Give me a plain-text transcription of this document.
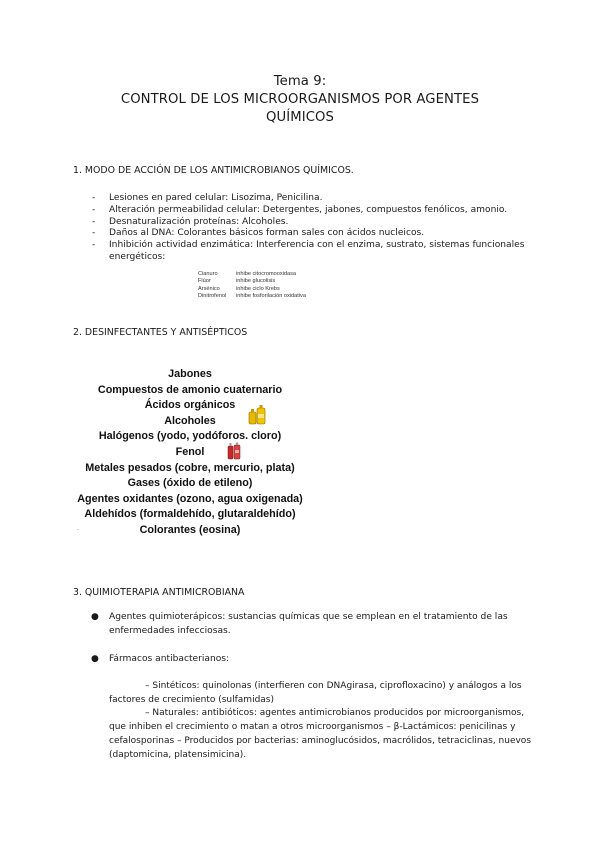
Tema 9:
CONTROL DE LOS MICROORGANISMOS POR AGENTES
QUÍMICOS
1. MODO DE ACCIÓN DE LOS ANTIMICROBIANOS QUÍMICOS.
- Lesiones en pared celular: Lisozima, Penicilina.
- Alteración permeabilidad celular: Detergentes, jabones, compuestos fenólicos, amonio.
- Desnaturalización proteínas: Alcoholes.
- Daños al DNA: Colorantes básicos forman sales con ácidos nucleicos.
- Inhibición actividad enzimática: Interferencia con el enzima, sustrato, sistemas funcionales energéticos:
Cianuro	inhibe citocromooxidasa
Flúor	inhibe glucolisis
Arsénico	inhibe ciclo Krebs
Dinitrofenol	inhibe fosforilación oxidativa
2. DESINFECTANTES Y ANTISÉPTICOS
Jabones
Compuestos de amonio cuaternario
Ácidos orgánicos
Alcoholes
Halógenos (yodo, yodóforos. cloro)
Fenol
Metales pesados (cobre, mercurio, plata)
Gases (óxido de etileno)
Agentes oxidantes (ozono, agua oxigenada)
Aldehídos (formaldehído, glutaraldehído)
Colorantes (eosina)
•
3. QUIMIOTERAPIA ANTIMICROBIANA
● Agentes quimioterápicos: sustancias químicas que se emplean en el tratamiento de las enfermedades infecciosas.
● Fármacos antibacterianos:
– Sintéticos: quinolonas (interfieren con DNAgirasa, ciprofloxacino) y análogos a los
factores de crecimiento (sulfamidas)
– Naturales: antibióticos: agentes antimicrobianos producidos por microorganismos,
que inhiben el crecimiento o matan a otros microorganismos – β-Lactámicos: penicilinas y
cefalosporinas – Producidos por bacterias: aminoglucósidos, macrólidos, tetraciclinas, nuevos
(daptomicina, platensimicina).
